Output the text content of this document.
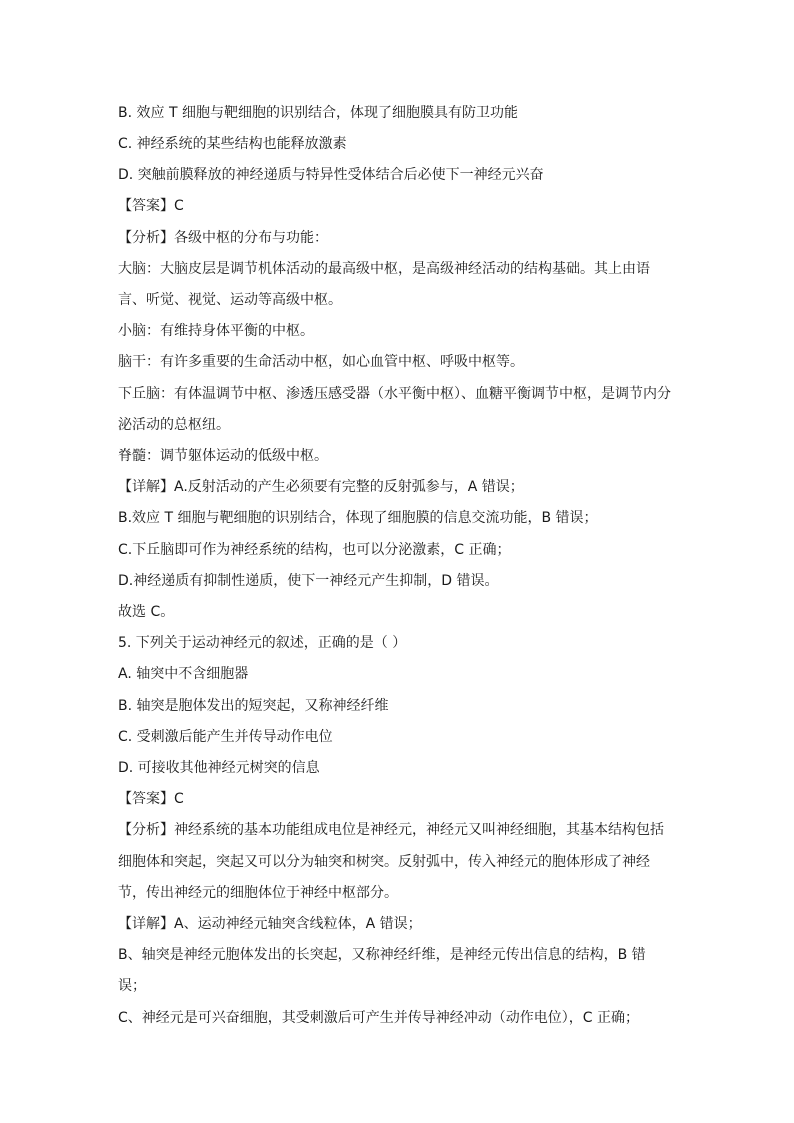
B. 效应 T 细胞与靶细胞的识别结合，体现了细胞膜具有防卫功能
C. 神经系统的某些结构也能释放激素
D. 突触前膜释放的神经递质与特异性受体结合后必使下一神经元兴奋
【答案】C
【分析】各级中枢的分布与功能：
大脑：大脑皮层是调节机体活动的最高级中枢，是高级神经活动的结构基础。其上由语
言、听觉、视觉、运动等高级中枢。
小脑：有维持身体平衡的中枢。
脑干：有许多重要的生命活动中枢，如心血管中枢、呼吸中枢等。
下丘脑：有体温调节中枢、渗透压感受器（水平衡中枢）、血糖平衡调节中枢，是调节内分
泌活动的总枢纽。
脊髓：调节躯体运动的低级中枢。
【详解】A.反射活动的产生必须要有完整的反射弧参与，A 错误；
B.效应 T 细胞与靶细胞的识别结合，体现了细胞膜的信息交流功能，B 错误；
C.下丘脑即可作为神经系统的结构，也可以分泌激素，C 正确；
D.神经递质有抑制性递质，使下一神经元产生抑制，D 错误。
故选 C。
5. 下列关于运动神经元的叙述，正确的是（ ）
A. 轴突中不含细胞器
B. 轴突是胞体发出的短突起，又称神经纤维
C. 受刺激后能产生并传导动作电位
D. 可接收其他神经元树突的信息
【答案】C
【分析】神经系统的基本功能组成电位是神经元，神经元又叫神经细胞，其基本结构包括
细胞体和突起，突起又可以分为轴突和树突。反射弧中，传入神经元的胞体形成了神经
节，传出神经元的细胞体位于神经中枢部分。
【详解】A、运动神经元轴突含线粒体，A 错误；
B、轴突是神经元胞体发出的长突起，又称神经纤维，是神经元传出信息的结构，B 错
误；
C、神经元是可兴奋细胞，其受刺激后可产生并传导神经冲动（动作电位），C 正确；
